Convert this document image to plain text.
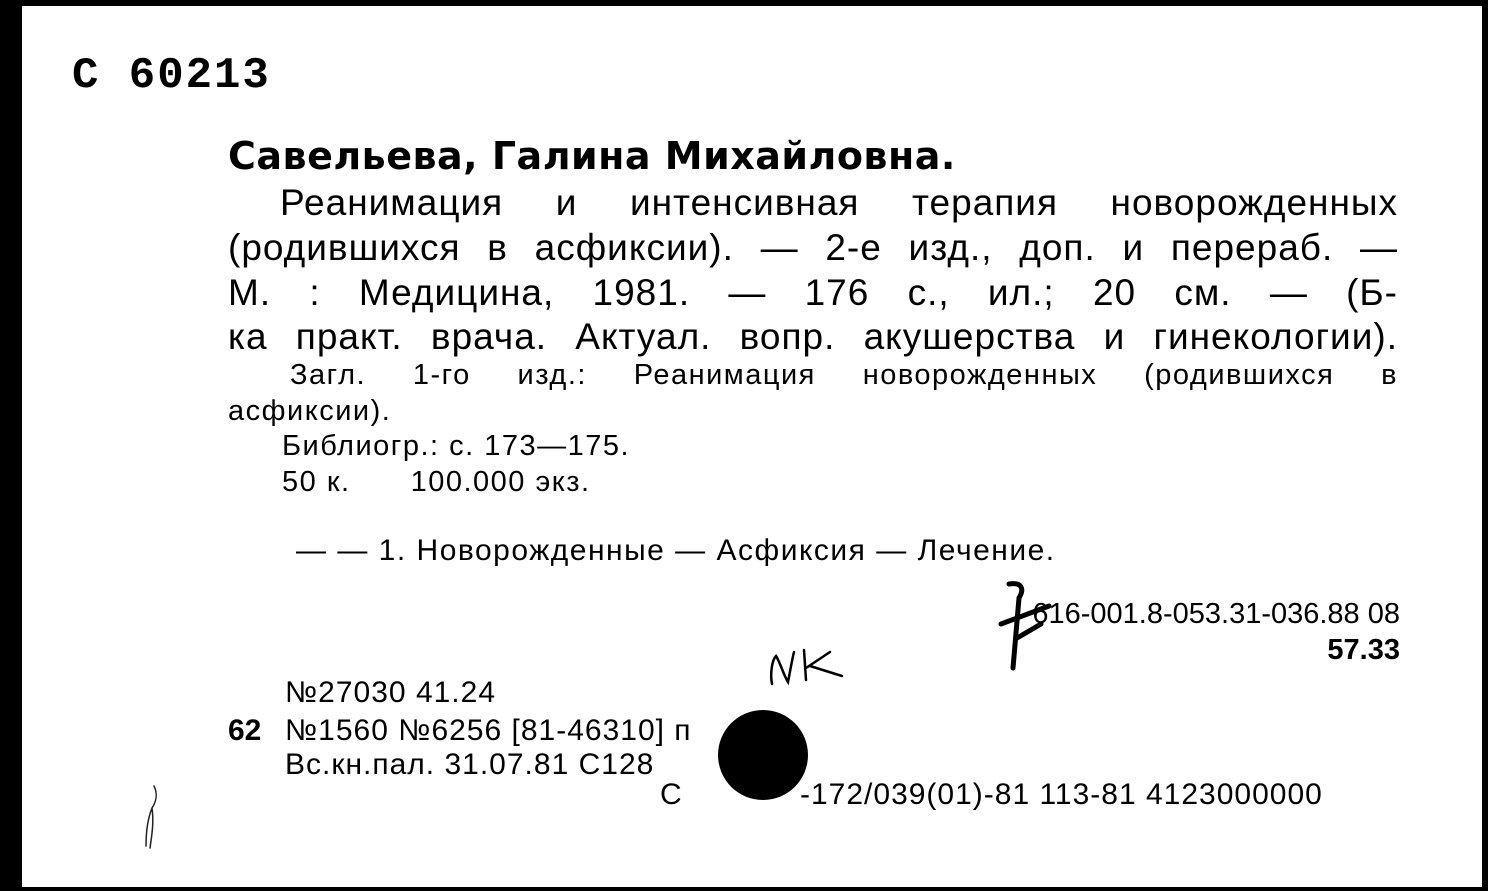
С 60213
Савельева, Галина Михайловна.
Реанимация и интенсивная терапия новорожденных
(родившихся в асфиксии). — 2-е изд., доп. и перераб. —
М. : Медицина, 1981. — 176 с., ил.; 20 см. — (Б-
ка практ. врача. Актуал. вопр. акушерства и гинекологии).
Загл. 1-го изд.: Реанимация новорожденных (родившихся в
асфиксии).
Библиогр.: с. 173—175.
50 к. 100.000 экз.
— — 1. Новорожденные — Асфиксия — Лечение.
616-001.8-053.31-036.88 08
57.33
№27030 41.24
62 №1560 №6256 [81-46310] п
Вс.кн.пал. 31.07.81 С128
С	-172/039(01)-81 113-81 4123000000
